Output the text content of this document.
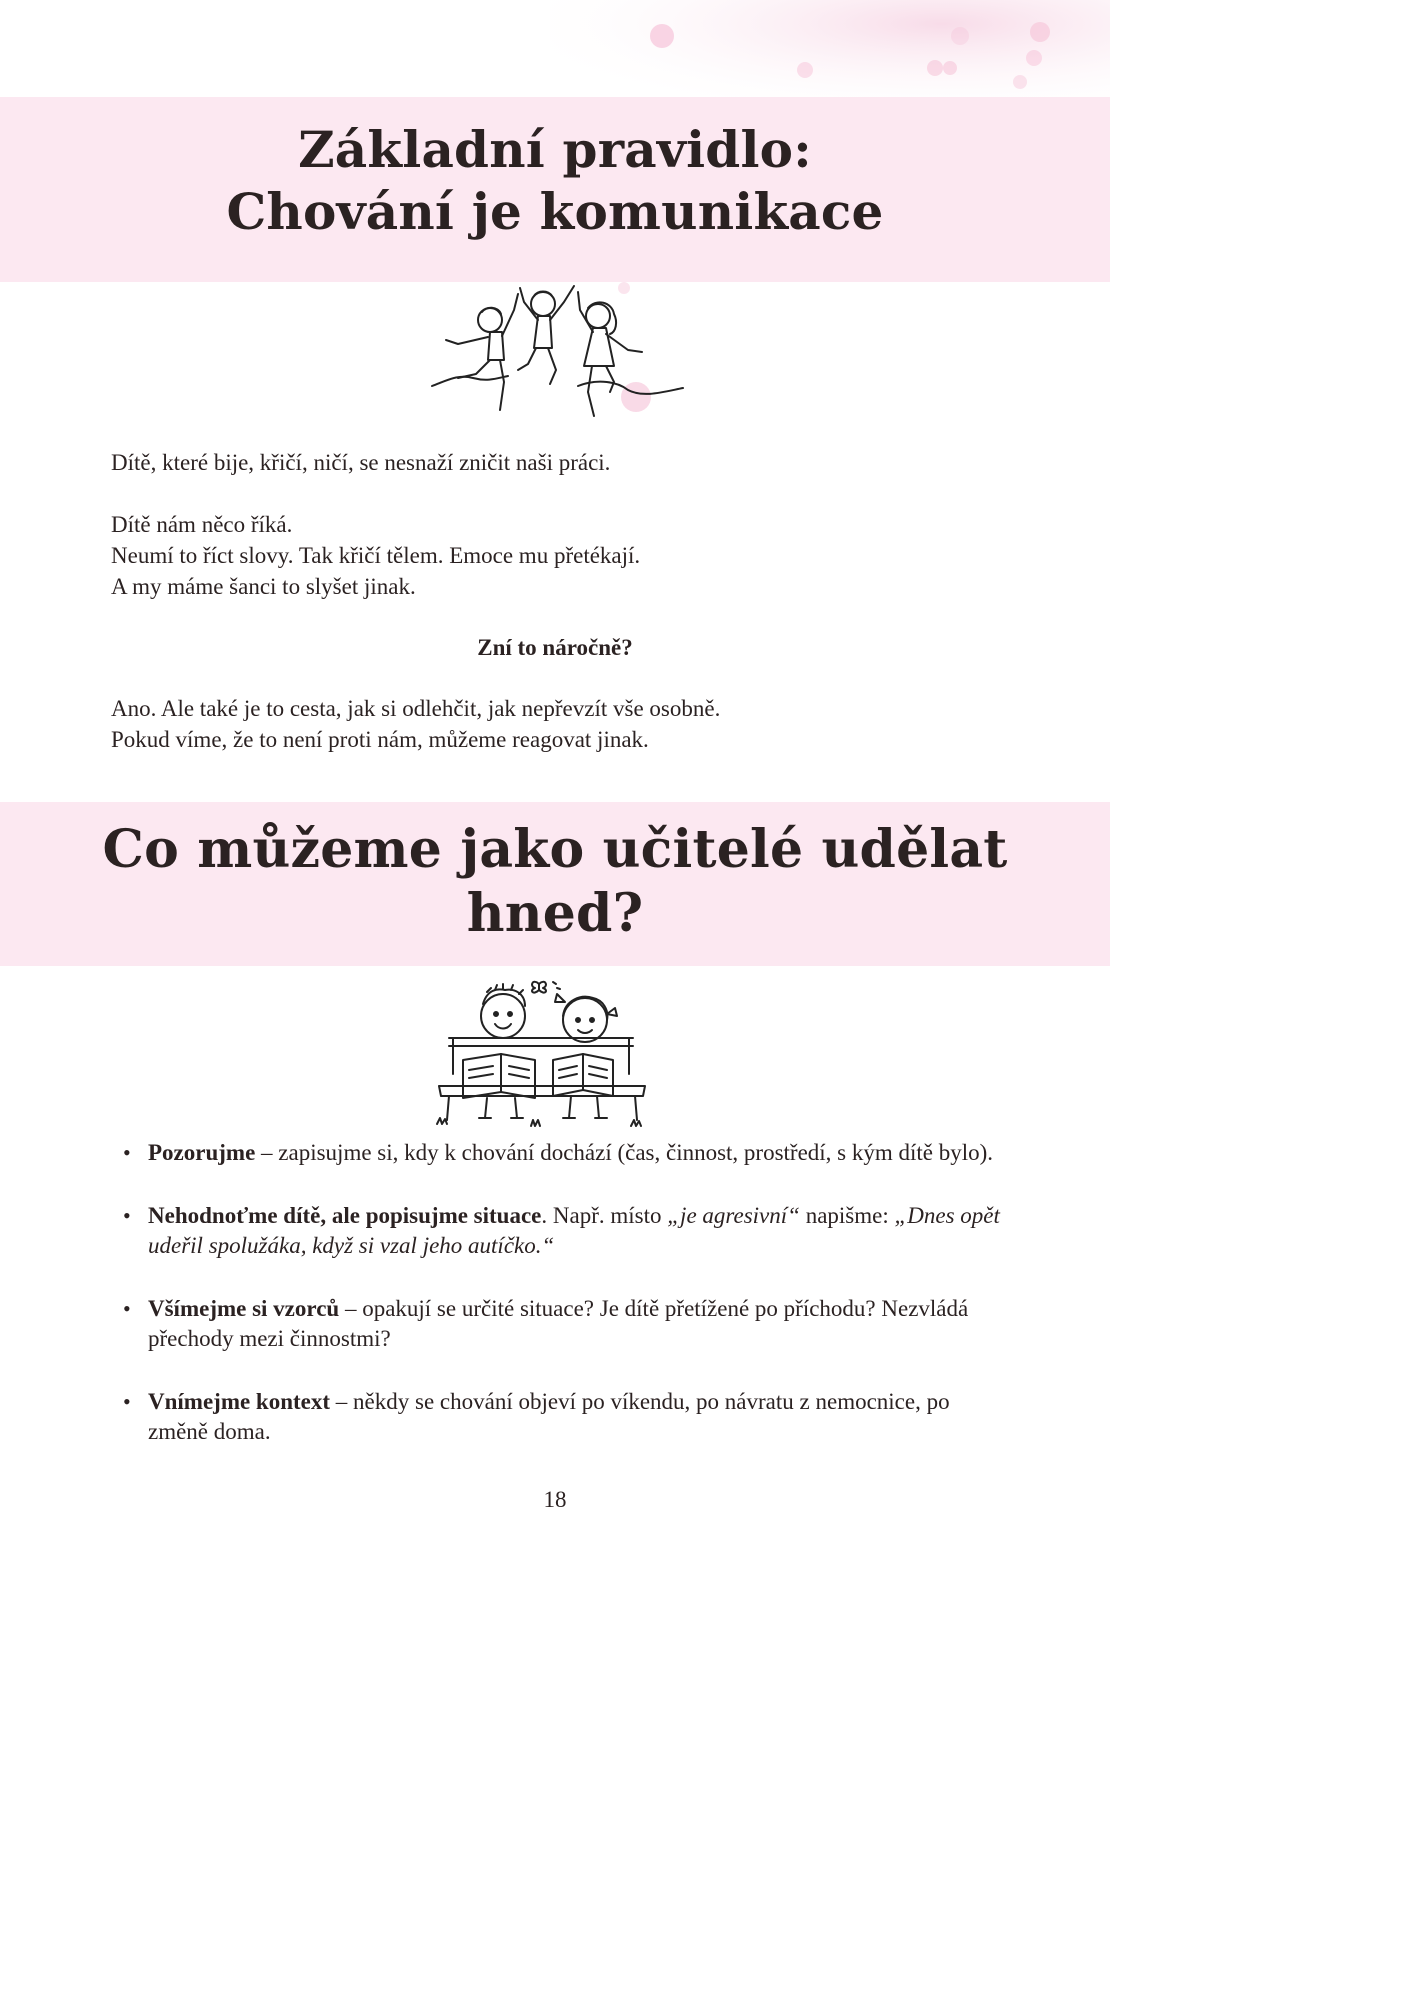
Základní pravidlo:
Chování je komunikace

Dítě, které bije, křičí, ničí, se nesnaží zničit naši práci.

Dítě nám něco říká.
Neumí to říct slovy. Tak křičí tělem. Emoce mu přetékají.
A my máme šanci to slyšet jinak.

Zní to náročně?

Ano. Ale také je to cesta, jak si odlehčit, jak nepřevzít vše osobně.
Pokud víme, že to není proti nám, můžeme reagovat jinak.

Co můžeme jako učitelé udělat
hned?
• Pozorujme – zapisujme si, kdy k chování dochází (čas, činnost, prostředí, s kým dítě bylo).
• Nehodnoťme dítě, ale popisujme situace. Např. místo „je agresivní“ napišme: „Dnes opět udeřil spolužáka, když si vzal jeho autíčko.“
• Všímejme si vzorců – opakují se určité situace? Je dítě přetížené po příchodu? Nezvládá přechody mezi činnostmi?
• Vnímejme kontext – někdy se chování objeví po víkendu, po návratu z nemocnice, po změně doma.
18
